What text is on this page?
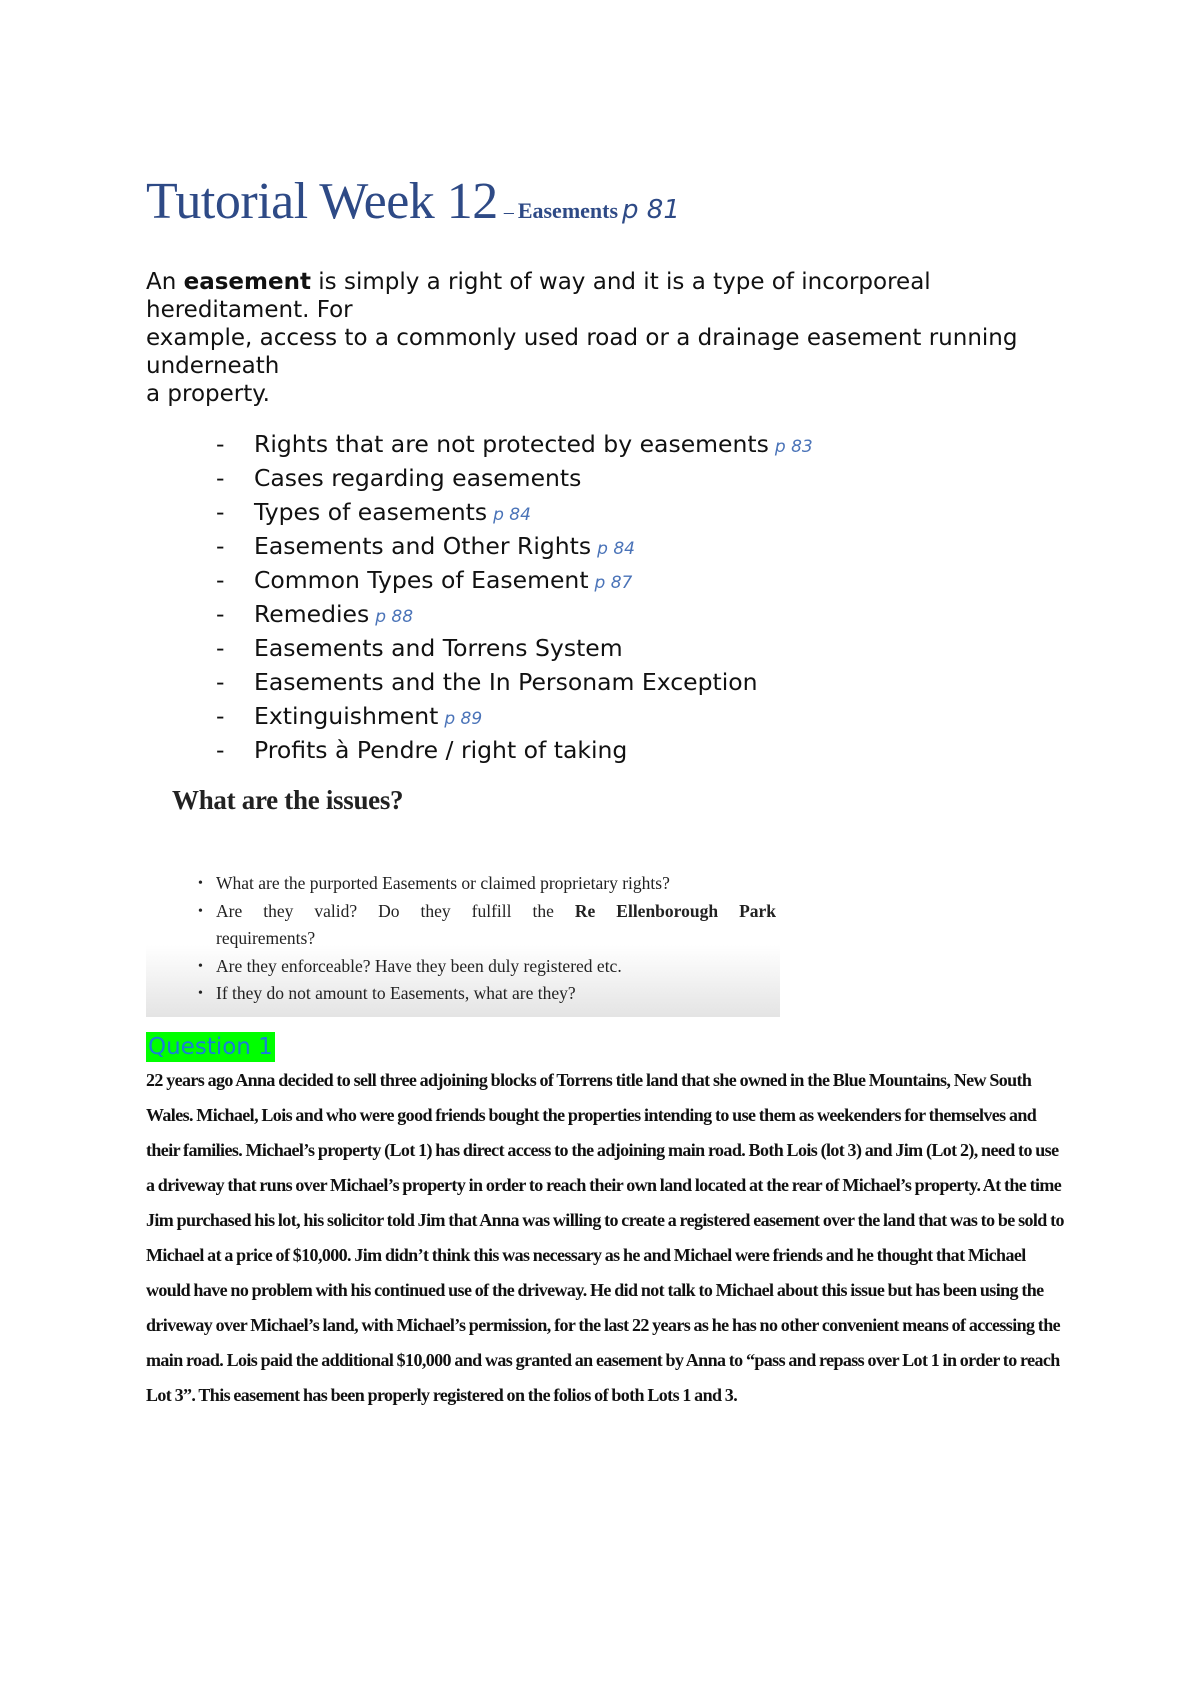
Tutorial Week 12 – Easements p 81

An easement is simply a right of way and it is a type of incorporeal hereditament. For

example, access to a commonly used road or a drainage easement running underneath

a property.

- Rights that are not protected by easements p 83
- Cases regarding easements
- Types of easements p 84
- Easements and Other Rights p 84
- Common Types of Easement p 87
- Remedies p 88
- Easements and Torrens System
- Easements and the In Personam Exception
- Extinguishment p 89
- Profits à Pendre / right of taking
What are the issues?
• What are the purported Easements or claimed proprietary rights?
• Are they valid? Do they fulfill the Re Ellenborough Park
requirements?
• Are they enforceable? Have they been duly registered etc.
• If they do not amount to Easements, what are they?
Question 1

22 years ago Anna decided to sell three adjoining blocks of Torrens title land that she owned in the Blue Mountains, New South Wales. Michael, Lois and who were good friends bought the properties intending to use them as weekenders for themselves and their families. Michael’s property (Lot 1) has direct access to the adjoining main road. Both Lois (lot 3) and Jim (Lot 2), need to use a driveway that runs over Michael’s property in order to reach their own land located at the rear of Michael’s property. At the time Jim purchased his lot, his solicitor told Jim that Anna was willing to create a registered easement over the land that was to be sold to Michael at a price of $10,000. Jim didn’t think this was necessary as he and Michael were friends and he thought that Michael would have no problem with his continued use of the driveway. He did not talk to Michael about this issue but has been using the driveway over Michael’s land, with Michael’s permission, for the last 22 years as he has no other convenient means of accessing the main road. Lois paid the additional $10,000 and was granted an easement by Anna to “pass and repass over Lot 1 in order to reach Lot 3”. This easement has been properly registered on the folios of both Lots 1 and 3.
